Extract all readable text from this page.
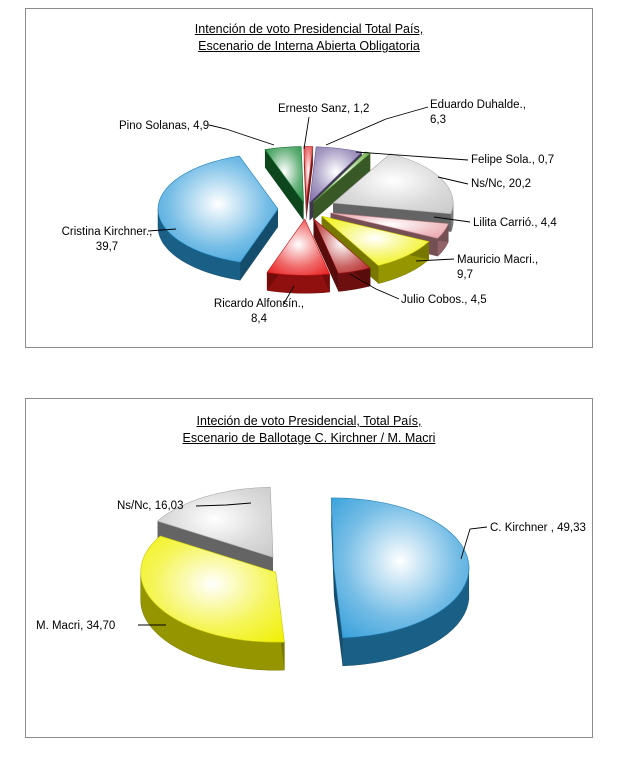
Intención de voto Presidencial Total País,
Escenario de Interna Abierta Obligatoria
Ernesto Sanz, 1,2	Eduardo Duhalde., 6,3
Felipe Sola., 0,7
Ns/Nc, 20,2
Lilita Carrió., 4,4
Mauricio Macri., 9,7
Julio Cobos., 4,5
Ricardo Alfonsín., 8,4
Cristina Kirchner., 39,7
Pino Solanas, 4,9
Inteción de voto Presidencial, Total País,
Escenario de Ballotage C. Kirchner / M. Macri
C. Kirchner , 49,33
M. Macri, 34,70
Ns/Nc, 16,03
